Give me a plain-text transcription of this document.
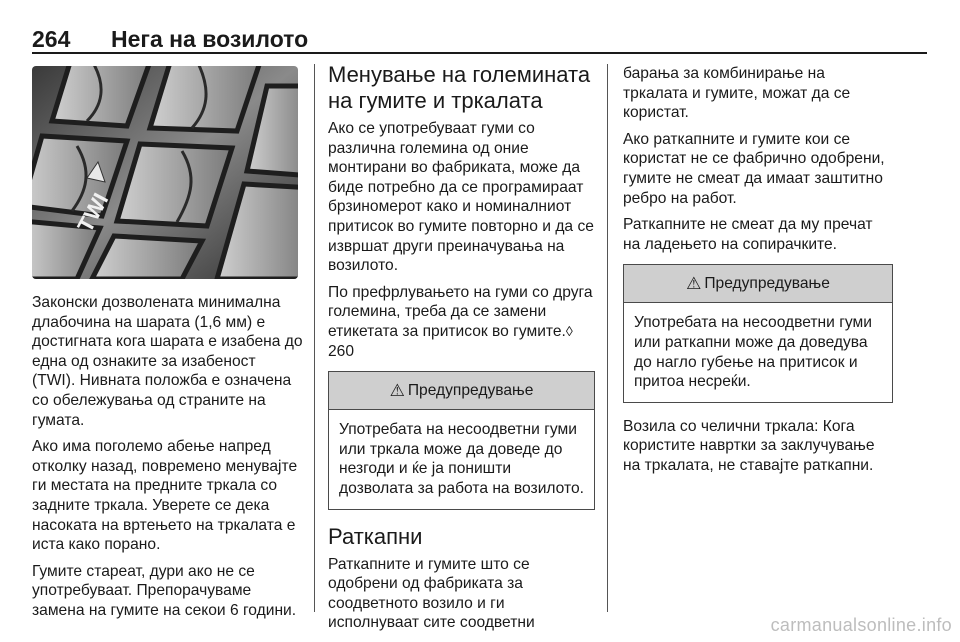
264 Нега на возилото
TWI

Законски дозволената минимална длабочина на шарата (1,6 мм) е достигната кога шарата е изабена до една од ознаките за изабеност (TWI). Нивната положба е означена со обележувања од страните на гумата.

Ако има поголемо абење напред отколку назад, повремено менувајте ги местата на предните тркала со задните тркала. Уверете се дека насоката на вртењето на тркалата е иста како порано.

Гумите стареат, дури ако не се употребуваат. Препорачуваме замена на гумите на секои 6 години.

Менување на големината на гумите и тркалата

Ако се употребуваат гуми со различна големина од оние монтирани во фабриката, може да биде потребно да се програмираат брзиномерот како и номиналниот притисок во гумите повторно и да се извршат други преиначувања на возилото.

По префрлувањето на гуми со друга големина, треба да се замени етикетата за притисок во гумите.◊ 260

⚠ Предупредување

Употребата на несоодветни гуми или тркала може да доведе до незгоди и ќе ја поништи дозволата за работа на возилото.

Раткапни

Раткапните и гумите што се одобрени од фабриката за соодветното возило и ги исполнуваат сите соодветни

барања за комбинирање на тркалата и гумите, можат да се користат.

Ако раткапните и гумите кои се користат не се фабрично одобрени, гумите не смеат да имаат заштитно ребро на работ.

Раткапните не смеат да му пречат на ладењето на сопирачките.

⚠ Предупредување

Употребата на несоодветни гуми или раткапни може да доведува до нагло губење на притисок и притоа несреќи.

Возила со челични тркала: Кога користите навртки за заклучување на тркалата, не ставајте раткапни.

carmanualsonline.info
